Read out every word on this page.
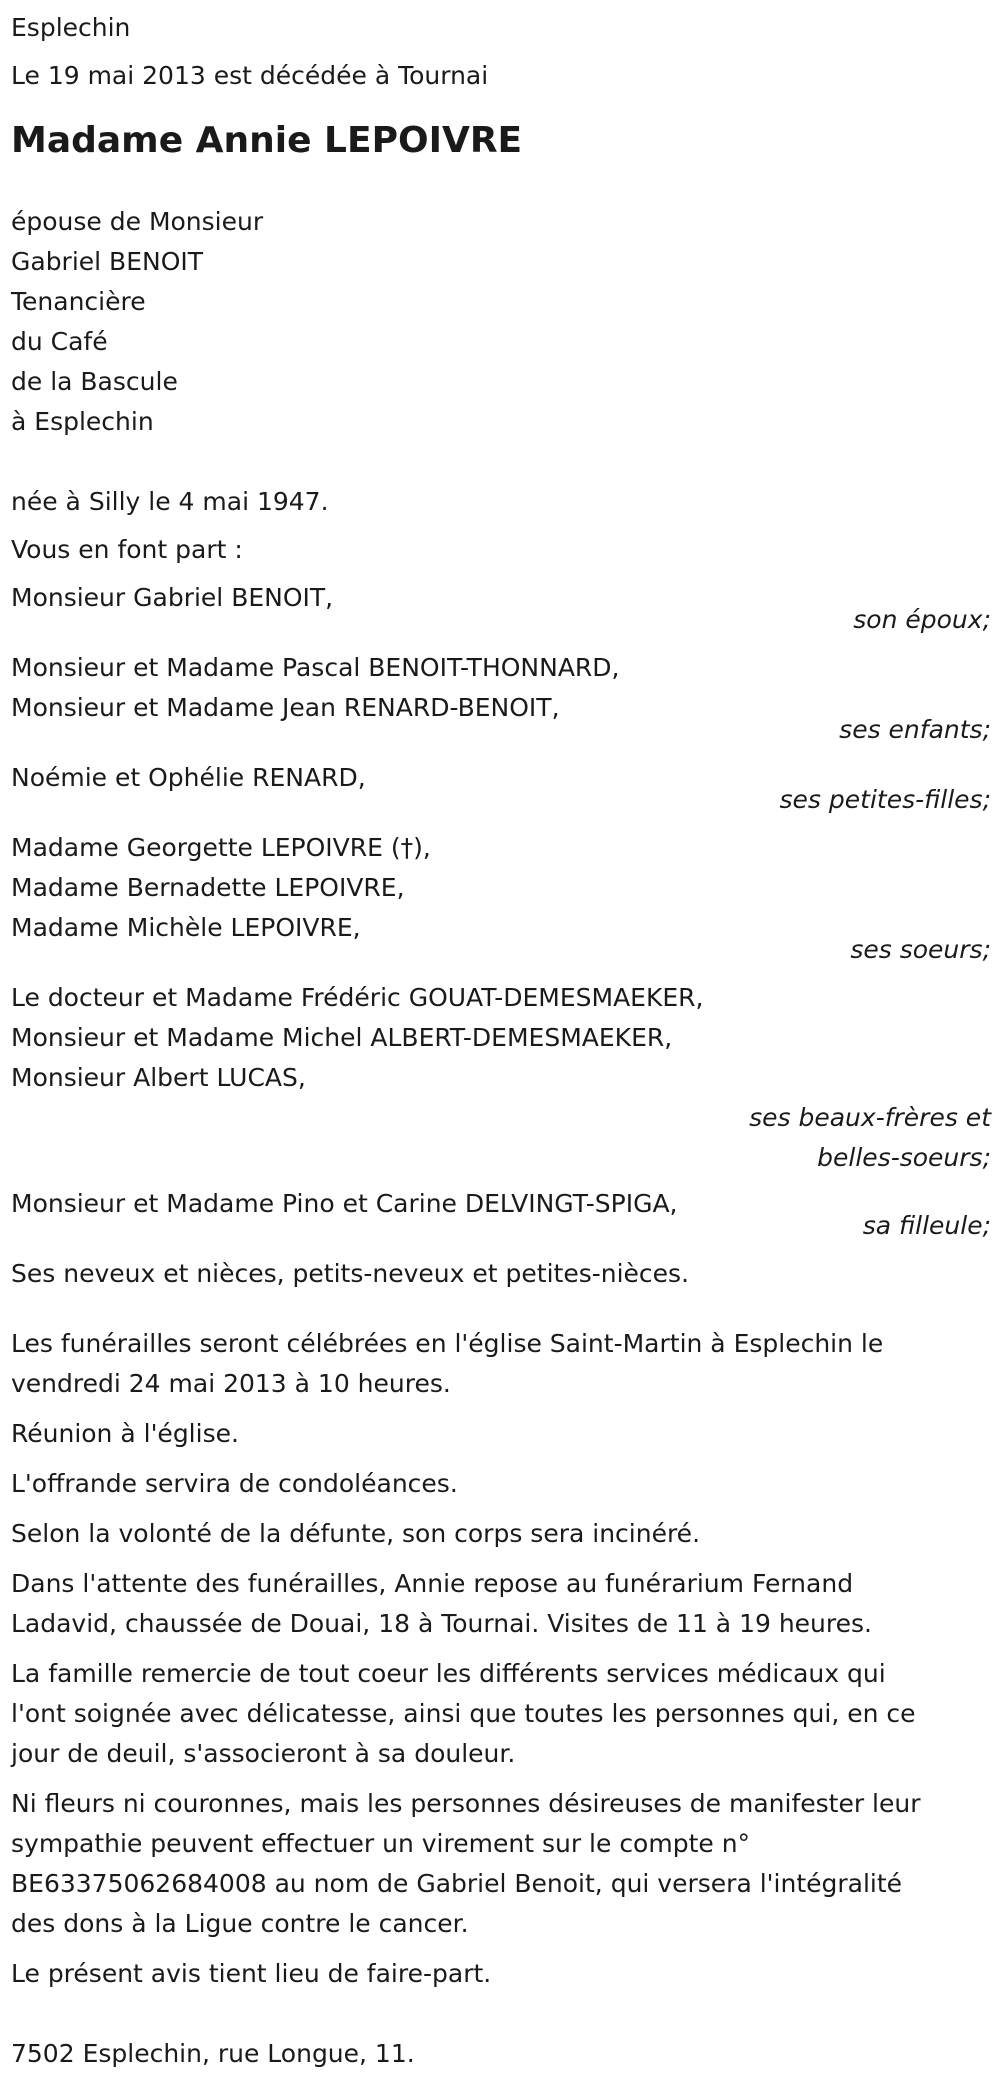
Esplechin

Le 19 mai 2013 est décédée à Tournai

Madame Annie LEPOIVRE

épouse de Monsieur

Gabriel BENOIT

Tenancière

du Café

de la Bascule

à Esplechin

née à Silly le 4 mai 1947.

Vous en font part :

Monsieur Gabriel BENOIT,

son époux;

Monsieur et Madame Pascal BENOIT-THONNARD,

Monsieur et Madame Jean RENARD-BENOIT,

ses enfants;

Noémie et Ophélie RENARD,

ses petites-filles;

Madame Georgette LEPOIVRE (†),

Madame Bernadette LEPOIVRE,

Madame Michèle LEPOIVRE,

ses soeurs;

Le docteur et Madame Frédéric GOUAT-DEMESMAEKER,

Monsieur et Madame Michel ALBERT-DEMESMAEKER,

Monsieur Albert LUCAS,

ses beaux-frères et

belles-soeurs;

Monsieur et Madame Pino et Carine DELVINGT-SPIGA,

sa filleule;

Ses neveux et nièces, petits-neveux et petites-nièces.

Les funérailles seront célébrées en l'église Saint-Martin à Esplechin le

vendredi 24 mai 2013 à 10 heures.

Réunion à l'église.

L'offrande servira de condoléances.

Selon la volonté de la défunte, son corps sera incinéré.

Dans l'attente des funérailles, Annie repose au funérarium Fernand

Ladavid, chaussée de Douai, 18 à Tournai. Visites de 11 à 19 heures.

La famille remercie de tout coeur les différents services médicaux qui

l'ont soignée avec délicatesse, ainsi que toutes les personnes qui, en ce

jour de deuil, s'associeront à sa douleur.

Ni fleurs ni couronnes, mais les personnes désireuses de manifester leur

sympathie peuvent effectuer un virement sur le compte n°

BE63375062684008 au nom de Gabriel Benoit, qui versera l'intégralité

des dons à la Ligue contre le cancer.

Le présent avis tient lieu de faire-part.

7502 Esplechin, rue Longue, 11.
